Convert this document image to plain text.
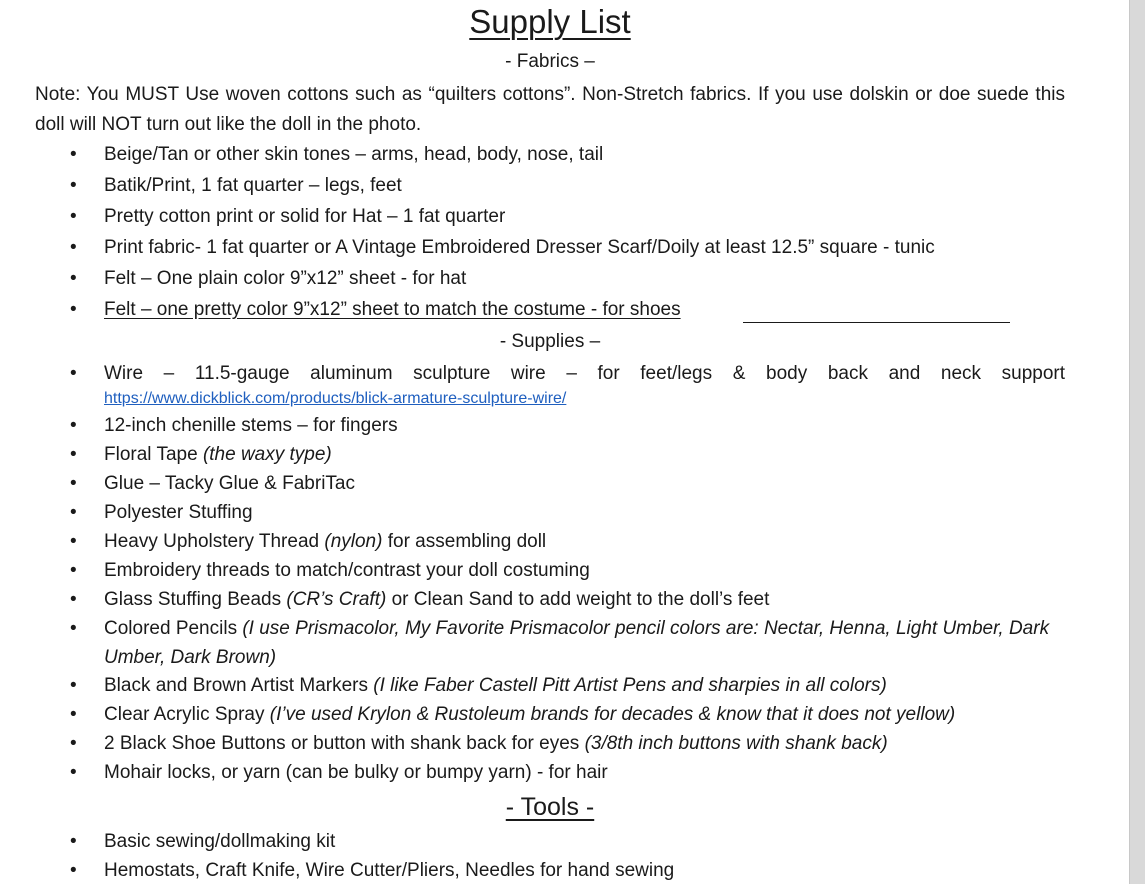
Supply List
- Fabrics –
Note: You MUST Use woven cottons such as “quilters cottons”. Non-Stretch fabrics. If you use dolskin or doe suede this doll will NOT turn out like the doll in the photo.
• Beige/Tan or other skin tones – arms, head, body, nose, tail
• Batik/Print, 1 fat quarter – legs, feet
• Pretty cotton print or solid for Hat – 1 fat quarter
• Print fabric- 1 fat quarter or A Vintage Embroidered Dresser Scarf/Doily at least 12.5” square - tunic
• Felt – One plain color 9”x12” sheet - for hat
• Felt – one pretty color 9”x12” sheet to match the costume - for shoes
- Supplies –
• Wire – 11.5-gauge aluminum sculpture wire – for feet/legs & body back and neck support
https://www.dickblick.com/products/blick-armature-sculpture-wire/
• 12-inch chenille stems – for fingers
• Floral Tape (the waxy type)
• Glue – Tacky Glue & FabriTac
• Polyester Stuffing
• Heavy Upholstery Thread (nylon) for assembling doll
• Embroidery threads to match/contrast your doll costuming
• Glass Stuffing Beads (CR’s Craft) or Clean Sand to add weight to the doll’s feet
• Colored Pencils (I use Prismacolor, My Favorite Prismacolor pencil colors are: Nectar, Henna, Light Umber, Dark Umber, Dark Brown)
• Black and Brown Artist Markers (I like Faber Castell Pitt Artist Pens and sharpies in all colors)
• Clear Acrylic Spray (I’ve used Krylon & Rustoleum brands for decades & know that it does not yellow)
• 2 Black Shoe Buttons or button with shank back for eyes (3/8th inch buttons with shank back)
• Mohair locks, or yarn (can be bulky or bumpy yarn) - for hair
- Tools -
• Basic sewing/dollmaking kit
• Hemostats, Craft Knife, Wire Cutter/Pliers, Needles for hand sewing
